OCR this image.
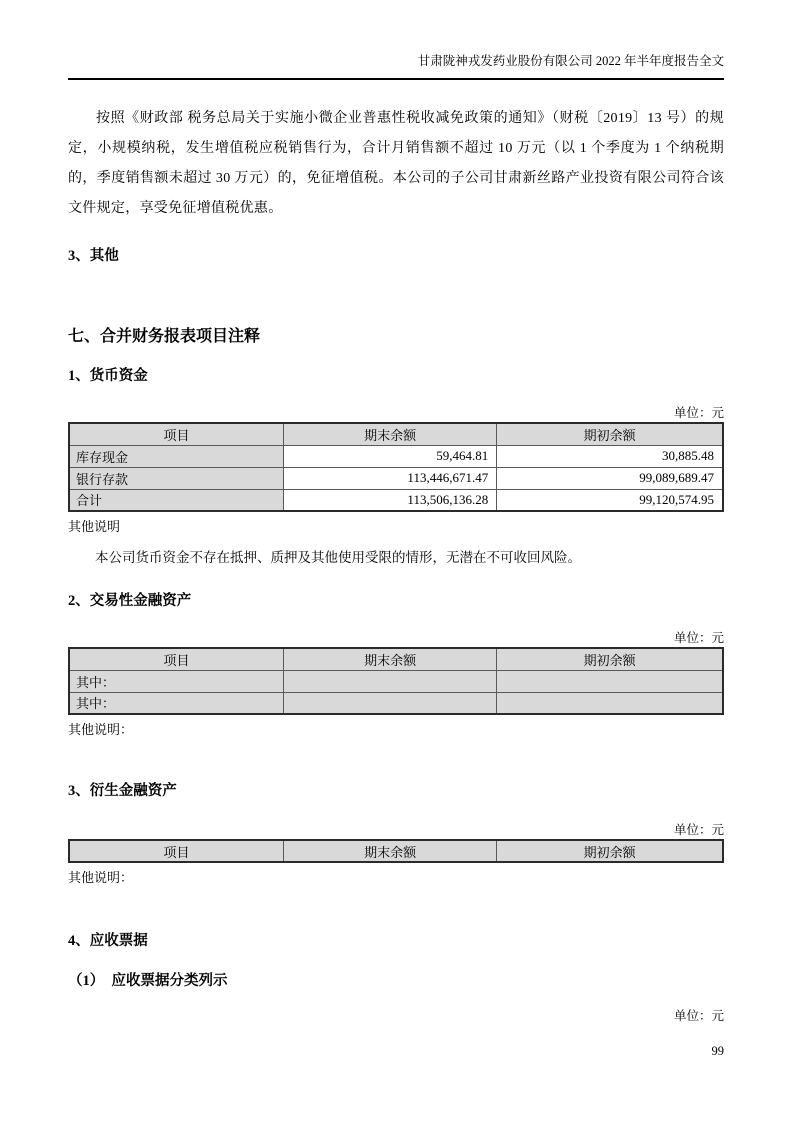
甘肃陇神戎发药业股份有限公司 2022 年半年度报告全文

按照《财政部 税务总局关于实施小微企业普惠性税收减免政策的通知》（财税〔2019〕13 号）的规定，小规模纳税，发生增值税应税销售行为，合计月销售额不超过 10 万元（以 1 个季度为 1 个纳税期的，季度销售额未超过 30 万元）的，免征增值税。本公司的子公司甘肃新丝路产业投资有限公司符合该文件规定，享受免征增值税优惠。

3、其他
七、合并财务报表项目注释
1、货币资金
单位：元
项目	期末余额	期初余额
库存现金	59,464.81	30,885.48
银行存款	113,446,671.47	99,089,689.47
合计	113,506,136.28	99,120,574.95
其他说明
本公司货币资金不存在抵押、质押及其他使用受限的情形，无潜在不可收回风险。
2、交易性金融资产
单位：元
项目	期末余额	期初余额
其中：		
其中：		
其他说明：
3、衍生金融资产
单位：元
项目	期末余额	期初余额
其他说明：
4、应收票据
（1）　应收票据分类列示
单位：元
99
